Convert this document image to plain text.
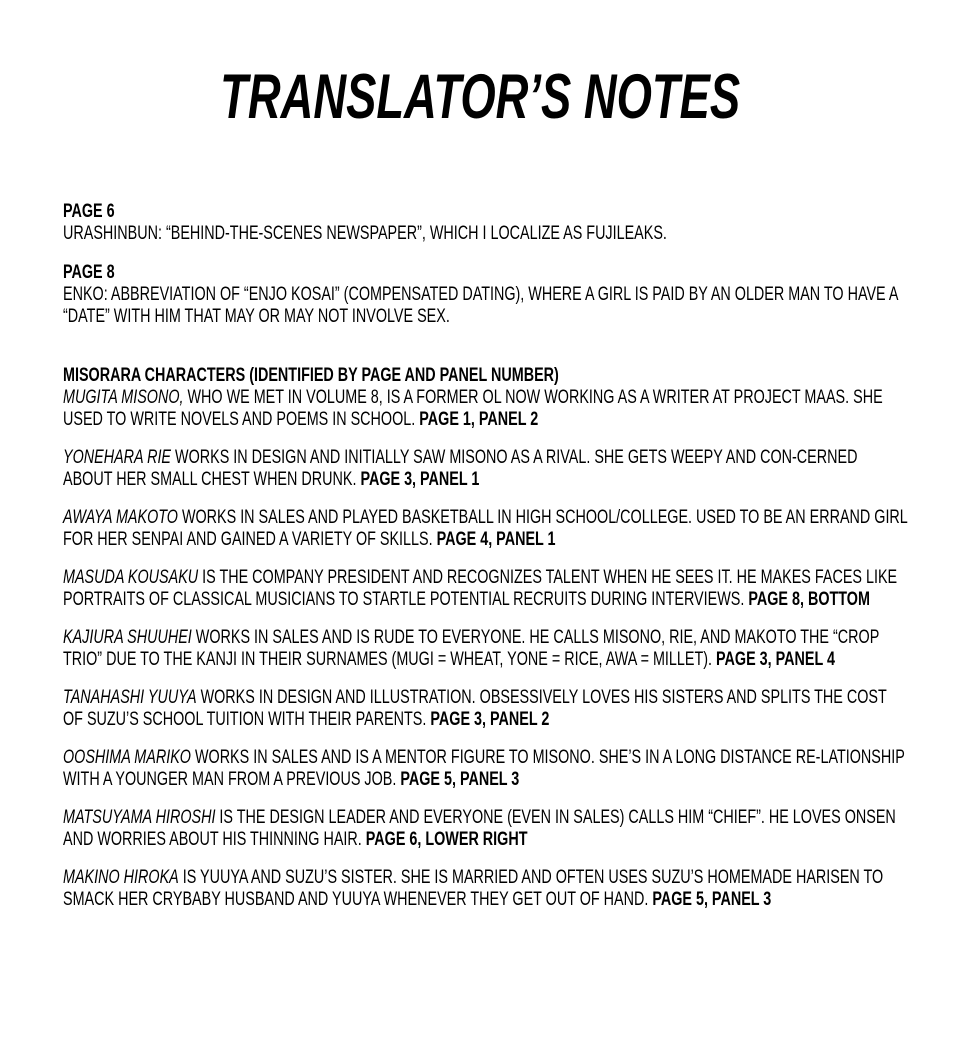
TRANSLATOR’S NOTES
PAGE 6

URASHINBUN: “BEHIND-THE-SCENES NEWSPAPER”, WHICH I LOCALIZE AS FUJILEAKS.

PAGE 8

ENKO: ABBREVIATION OF “ENJO KOSAI” (COMPENSATED DATING), WHERE A GIRL IS PAID BY AN OLDER MAN TO HAVE A “DATE” WITH HIM THAT MAY OR MAY NOT INVOLVE SEX.

MISORARA CHARACTERS (IDENTIFIED BY PAGE AND PANEL NUMBER)

MUGITA MISONO, WHO WE MET IN VOLUME 8, IS A FORMER OL NOW WORKING AS A WRITER AT PROJECT MAAS. SHE USED TO WRITE NOVELS AND POEMS IN SCHOOL. PAGE 1, PANEL 2

YONEHARA RIE WORKS IN DESIGN AND INITIALLY SAW MISONO AS A RIVAL. SHE GETS WEEPY AND CON-CERNED ABOUT HER SMALL CHEST WHEN DRUNK. PAGE 3, PANEL 1

AWAYA MAKOTO WORKS IN SALES AND PLAYED BASKETBALL IN HIGH SCHOOL/COLLEGE. USED TO BE AN ERRAND GIRL FOR HER SENPAI AND GAINED A VARIETY OF SKILLS. PAGE 4, PANEL 1

MASUDA KOUSAKU IS THE COMPANY PRESIDENT AND RECOGNIZES TALENT WHEN HE SEES IT. HE MAKES FACES LIKE PORTRAITS OF CLASSICAL MUSICIANS TO STARTLE POTENTIAL RECRUITS DURING INTERVIEWS. PAGE 8, BOTTOM

KAJIURA SHUUHEI WORKS IN SALES AND IS RUDE TO EVERYONE. HE CALLS MISONO, RIE, AND MAKOTO THE “CROP TRIO” DUE TO THE KANJI IN THEIR SURNAMES (MUGI = WHEAT, YONE = RICE, AWA = MILLET). PAGE 3, PANEL 4

TANAHASHI YUUYA WORKS IN DESIGN AND ILLUSTRATION. OBSESSIVELY LOVES HIS SISTERS AND SPLITS THE COST OF SUZU’S SCHOOL TUITION WITH THEIR PARENTS. PAGE 3, PANEL 2

OOSHIMA MARIKO WORKS IN SALES AND IS A MENTOR FIGURE TO MISONO. SHE’S IN A LONG DISTANCE RE-LATIONSHIP WITH A YOUNGER MAN FROM A PREVIOUS JOB. PAGE 5, PANEL 3

MATSUYAMA HIROSHI IS THE DESIGN LEADER AND EVERYONE (EVEN IN SALES) CALLS HIM “CHIEF”. HE LOVES ONSEN AND WORRIES ABOUT HIS THINNING HAIR. PAGE 6, LOWER RIGHT

MAKINO HIROKA IS YUUYA AND SUZU’S SISTER. SHE IS MARRIED AND OFTEN USES SUZU’S HOMEMADE HARISEN TO SMACK HER CRYBABY HUSBAND AND YUUYA WHENEVER THEY GET OUT OF HAND. PAGE 5, PANEL 3
